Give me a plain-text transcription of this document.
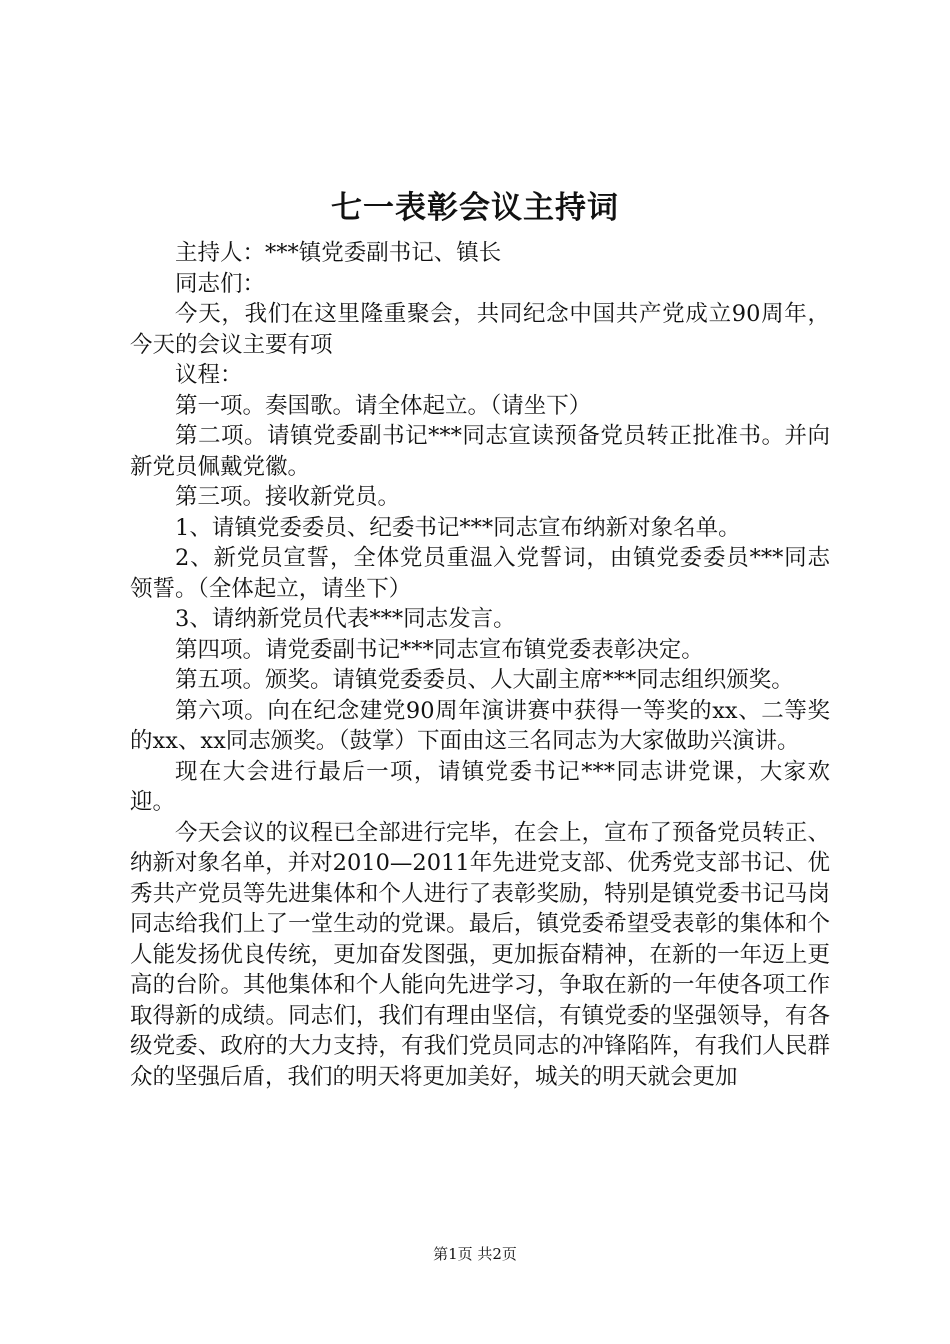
七一表彰会议主持词

主持人：***镇党委副书记、镇长

同志们：

今天，我们在这里隆重聚会，共同纪念中国共产党成立90周年，今天的会议主要有项

议程：

第一项。奏国歌。请全体起立。（请坐下）

第二项。请镇党委副书记***同志宣读预备党员转正批准书。并向新党员佩戴党徽。

第三项。接收新党员。

1、请镇党委委员、纪委书记***同志宣布纳新对象名单。

2、新党员宣誓，全体党员重温入党誓词，由镇党委委员***同志领誓。（全体起立，请坐下）

3、请纳新党员代表***同志发言。

第四项。请党委副书记***同志宣布镇党委表彰决定。

第五项。颁奖。请镇党委委员、人大副主席***同志组织颁奖。

第六项。向在纪念建党90周年演讲赛中获得一等奖的xx、二等奖的xx、xx同志颁奖。（鼓掌）下面由这三名同志为大家做助兴演讲。

现在大会进行最后一项，请镇党委书记***同志讲党课，大家欢迎。

今天会议的议程已全部进行完毕，在会上，宣布了预备党员转正、纳新对象名单，并对2010—2011年先进党支部、优秀党支部书记、优秀共产党员等先进集体和个人进行了表彰奖励，特别是镇党委书记马岗同志给我们上了一堂生动的党课。最后，镇党委希望受表彰的集体和个人能发扬优良传统，更加奋发图强，更加振奋精神，在新的一年迈上更高的台阶。其他集体和个人能向先进学习，争取在新的一年使各项工作取得新的成绩。同志们，我们有理由坚信，有镇党委的坚强领导，有各级党委、政府的大力支持，有我们党员同志的冲锋陷阵，有我们人民群众的坚强后盾，我们的明天将更加美好，城关的明天就会更加

第1页 共2页
